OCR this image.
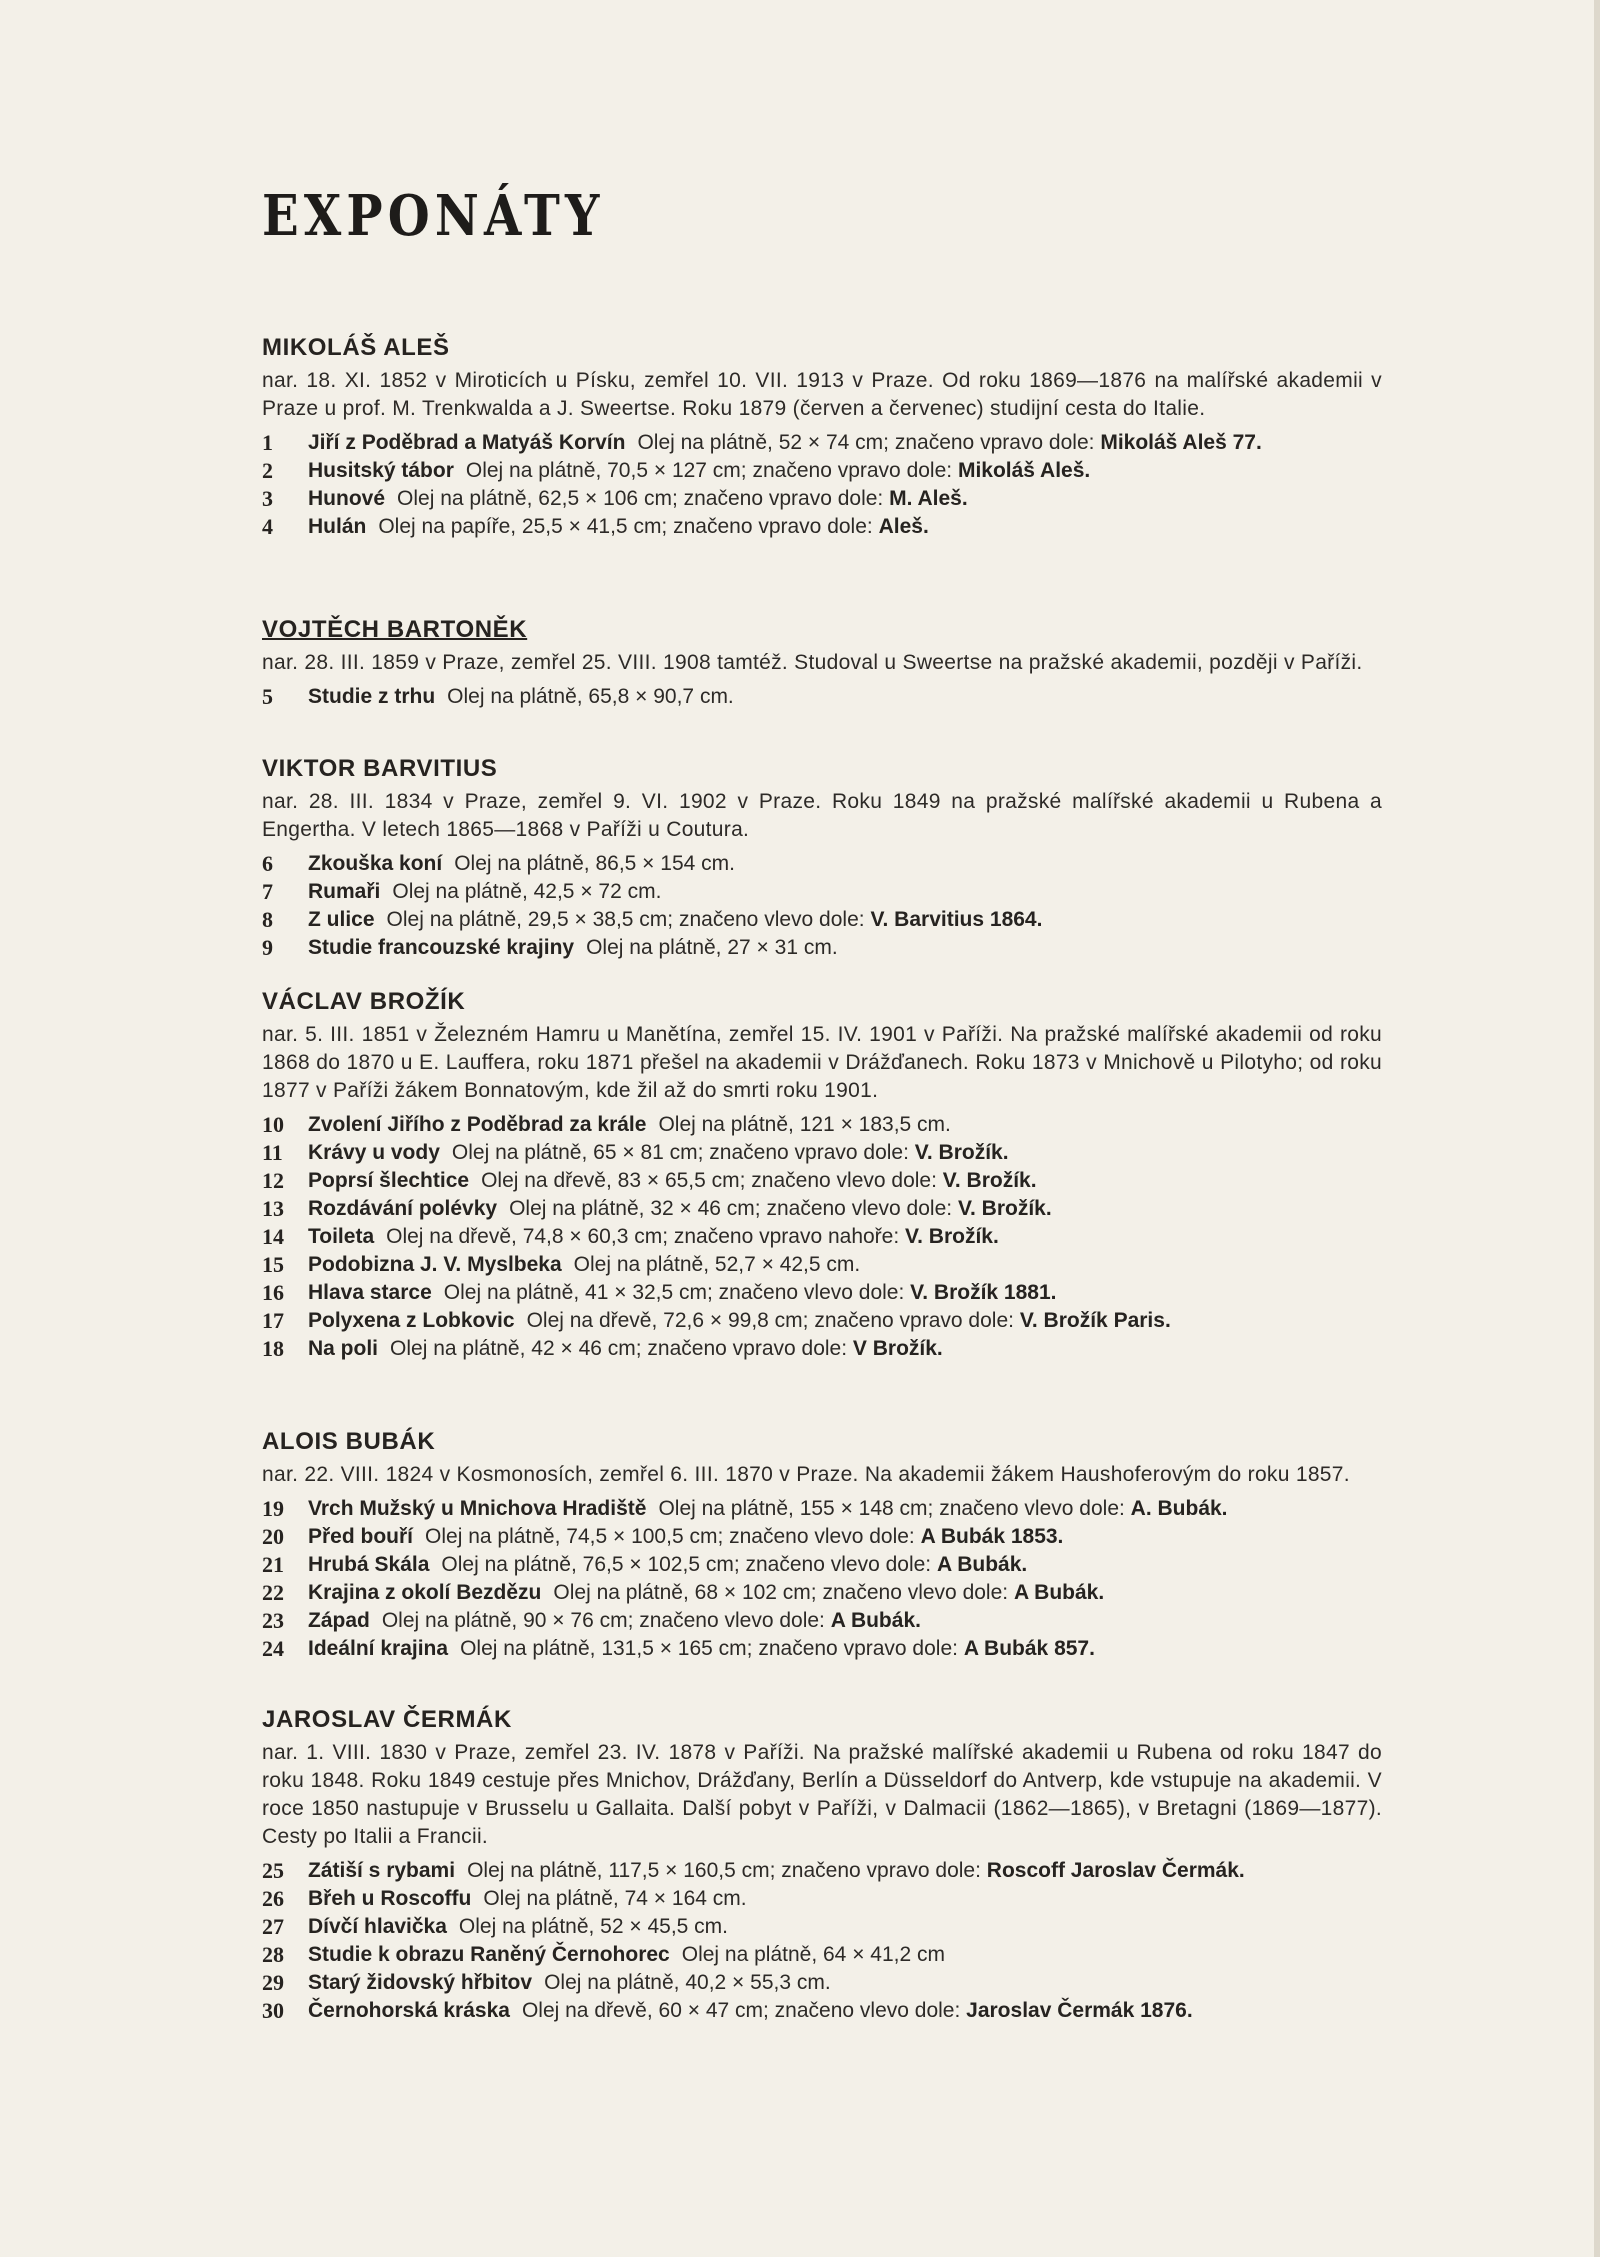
EXPONÁTY
MIKOLÁŠ ALEŠ
nar. 18. XI. 1852 v Miroticích u Písku, zemřel 10. VII. 1913 v Praze. Od roku 1869—1876 na malířské akademii v Praze u prof. M. Trenkwalda a J. Sweertse. Roku 1879 (červen a červenec) studijní cesta do Italie.
1	Jiří z Poděbrad a Matyáš Korvín Olej na plátně, 52 × 74 cm; značeno vpravo dole: Mikoláš Aleš 77.
2	Husitský tábor Olej na plátně, 70,5 × 127 cm; značeno vpravo dole: Mikoláš Aleš.
3	Hunové Olej na plátně, 62,5 × 106 cm; značeno vpravo dole: M. Aleš.
4	Hulán Olej na papíře, 25,5 × 41,5 cm; značeno vpravo dole: Aleš.
VOJTĚCH BARTONĚK
nar. 28. III. 1859 v Praze, zemřel 25. VIII. 1908 tamtéž. Studoval u Sweertse na pražské akademii, později v Paříži.
5	Studie z trhu Olej na plátně, 65,8 × 90,7 cm.
VIKTOR BARVITIUS
nar. 28. III. 1834 v Praze, zemřel 9. VI. 1902 v Praze. Roku 1849 na pražské malířské akademii u Rubena a Engertha. V letech 1865—1868 v Paříži u Coutura.
6	Zkouška koní Olej na plátně, 86,5 × 154 cm.
7	Rumaři Olej na plátně, 42,5 × 72 cm.
8	Z ulice Olej na plátně, 29,5 × 38,5 cm; značeno vlevo dole: V. Barvitius 1864.
9	Studie francouzské krajiny Olej na plátně, 27 × 31 cm.
VÁCLAV BROŽÍK
nar. 5. III. 1851 v Železném Hamru u Manětína, zemřel 15. IV. 1901 v Paříži. Na pražské malířské akademii od roku 1868 do 1870 u E. Lauffera, roku 1871 přešel na akademii v Drážďanech. Roku 1873 v Mnichově u Pilotyho; od roku 1877 v Paříži žákem Bonnatovým, kde žil až do smrti roku 1901.
10	Zvolení Jiřího z Poděbrad za krále Olej na plátně, 121 × 183,5 cm.
11	Krávy u vody Olej na plátně, 65 × 81 cm; značeno vpravo dole: V. Brožík.
12	Poprsí šlechtice Olej na dřevě, 83 × 65,5 cm; značeno vlevo dole: V. Brožík.
13	Rozdávání polévky Olej na plátně, 32 × 46 cm; značeno vlevo dole: V. Brožík.
14	Toileta Olej na dřevě, 74,8 × 60,3 cm; značeno vpravo nahoře: V. Brožík.
15	Podobizna J. V. Myslbeka Olej na plátně, 52,7 × 42,5 cm.
16	Hlava starce Olej na plátně, 41 × 32,5 cm; značeno vlevo dole: V. Brožík 1881.
17	Polyxena z Lobkovic Olej na dřevě, 72,6 × 99,8 cm; značeno vpravo dole: V. Brožík Paris.
18	Na poli Olej na plátně, 42 × 46 cm; značeno vpravo dole: V Brožík.
ALOIS BUBÁK
nar. 22. VIII. 1824 v Kosmonosích, zemřel 6. III. 1870 v Praze. Na akademii žákem Haushoferovým do roku 1857.
19	Vrch Mužský u Mnichova Hradiště Olej na plátně, 155 × 148 cm; značeno vlevo dole: A. Bubák.
20	Před bouří Olej na plátně, 74,5 × 100,5 cm; značeno vlevo dole: A Bubák 1853.
21	Hrubá Skála Olej na plátně, 76,5 × 102,5 cm; značeno vlevo dole: A Bubák.
22	Krajina z okolí Bezdězu Olej na plátně, 68 × 102 cm; značeno vlevo dole: A Bubák.
23	Západ Olej na plátně, 90 × 76 cm; značeno vlevo dole: A Bubák.
24	Ideální krajina Olej na plátně, 131,5 × 165 cm; značeno vpravo dole: A Bubák 857.
JAROSLAV ČERMÁK
nar. 1. VIII. 1830 v Praze, zemřel 23. IV. 1878 v Paříži. Na pražské malířské akademii u Rubena od roku 1847 do roku 1848. Roku 1849 cestuje přes Mnichov, Drážďany, Berlín a Düsseldorf do Antverp, kde vstupuje na akademii. V roce 1850 nastupuje v Brusselu u Gallaita. Další pobyt v Paříži, v Dalmacii (1862—1865), v Bretagni (1869—1877). Cesty po Italii a Francii.
25	Zátiší s rybami Olej na plátně, 117,5 × 160,5 cm; značeno vpravo dole: Roscoff Jaroslav Čermák.
26	Břeh u Roscoffu Olej na plátně, 74 × 164 cm.
27	Dívčí hlavička Olej na plátně, 52 × 45,5 cm.
28	Studie k obrazu Raněný Černohorec Olej na plátně, 64 × 41,2 cm
29	Starý židovský hřbitov Olej na plátně, 40,2 × 55,3 cm.
30	Černohorská kráska Olej na dřevě, 60 × 47 cm; značeno vlevo dole: Jaroslav Čermák 1876.
